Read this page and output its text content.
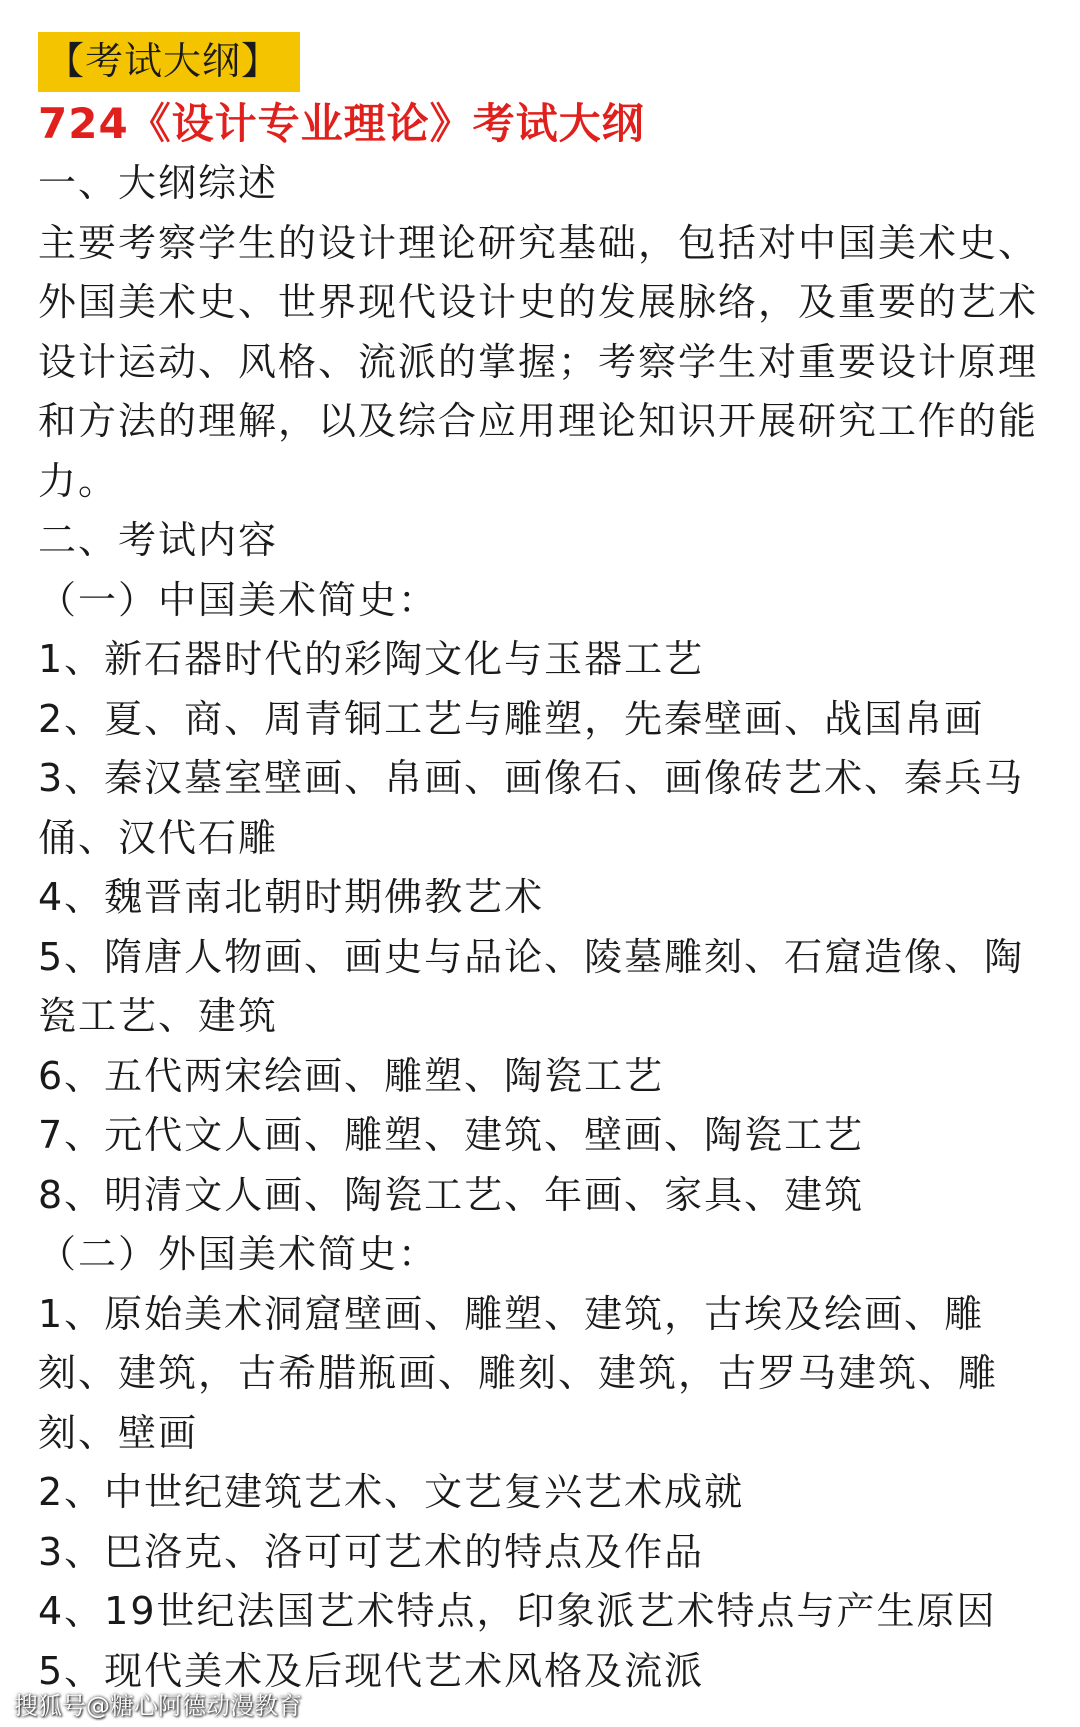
【考试大纲】
724《设计专业理论》考试大纲
一、大纲综述
主要考察学生的设计理论研究基础，包括对中国美术史、外国美术史、世界现代设计史的发展脉络，及重要的艺术设计运动、风格、流派的掌握；考察学生对重要设计原理和方法的理解，以及综合应用理论知识开展研究工作的能力。
二、考试内容
（一）中国美术简史：
1、新石器时代的彩陶文化与玉器工艺
2、夏、商、周青铜工艺与雕塑，先秦壁画、战国帛画
3、秦汉墓室壁画、帛画、画像石、画像砖艺术、秦兵马俑、汉代石雕
4、魏晋南北朝时期佛教艺术
5、隋唐人物画、画史与品论、陵墓雕刻、石窟造像、陶瓷工艺、建筑
6、五代两宋绘画、雕塑、陶瓷工艺
7、元代文人画、雕塑、建筑、壁画、陶瓷工艺
8、明清文人画、陶瓷工艺、年画、家具、建筑
（二）外国美术简史：
1、原始美术洞窟壁画、雕塑、建筑，古埃及绘画、雕刻、建筑，古希腊瓶画、雕刻、建筑，古罗马建筑、雕刻、壁画
2、中世纪建筑艺术、文艺复兴艺术成就
3、巴洛克、洛可可艺术的特点及作品
4、19世纪法国艺术特点，印象派艺术特点与产生原因
5、现代美术及后现代艺术风格及流派
搜狐号@糖心阿德动漫教育
